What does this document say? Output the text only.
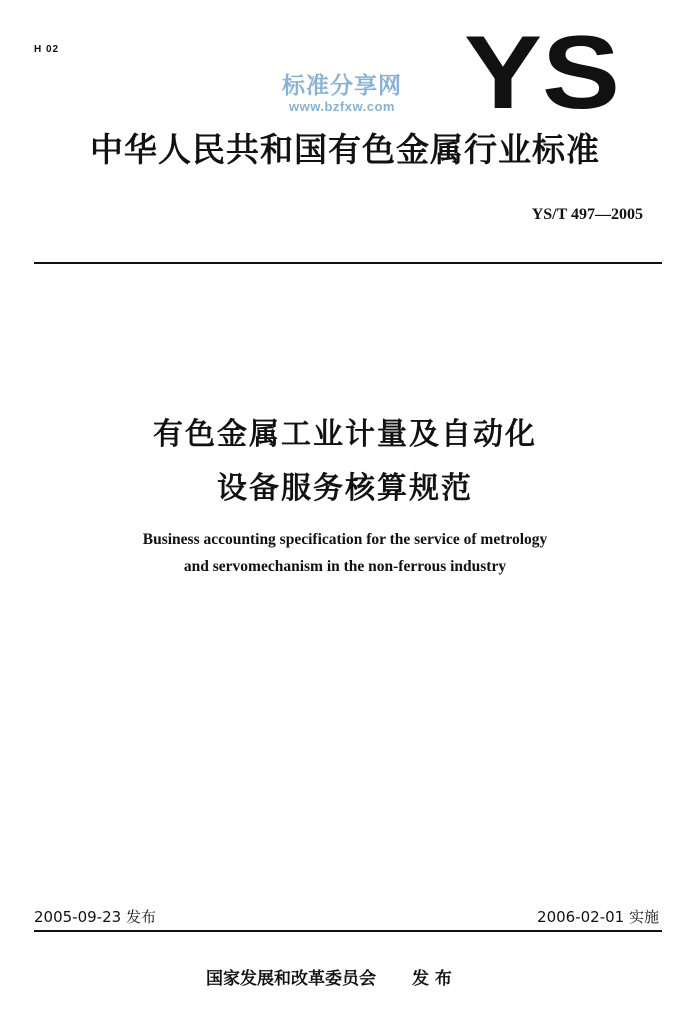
H 02	YS
标准分享网
www.bzfxw.com
中华人民共和国有色金属行业标准
YS/T 497—2005
有色金属工业计量及自动化
设备服务核算规范
Business accounting specification for the service of metrology
and servomechanism in the non-ferrous industry
2005-09-23 发布	2006-02-01 实施
国家发展和改革委员会 发 布
